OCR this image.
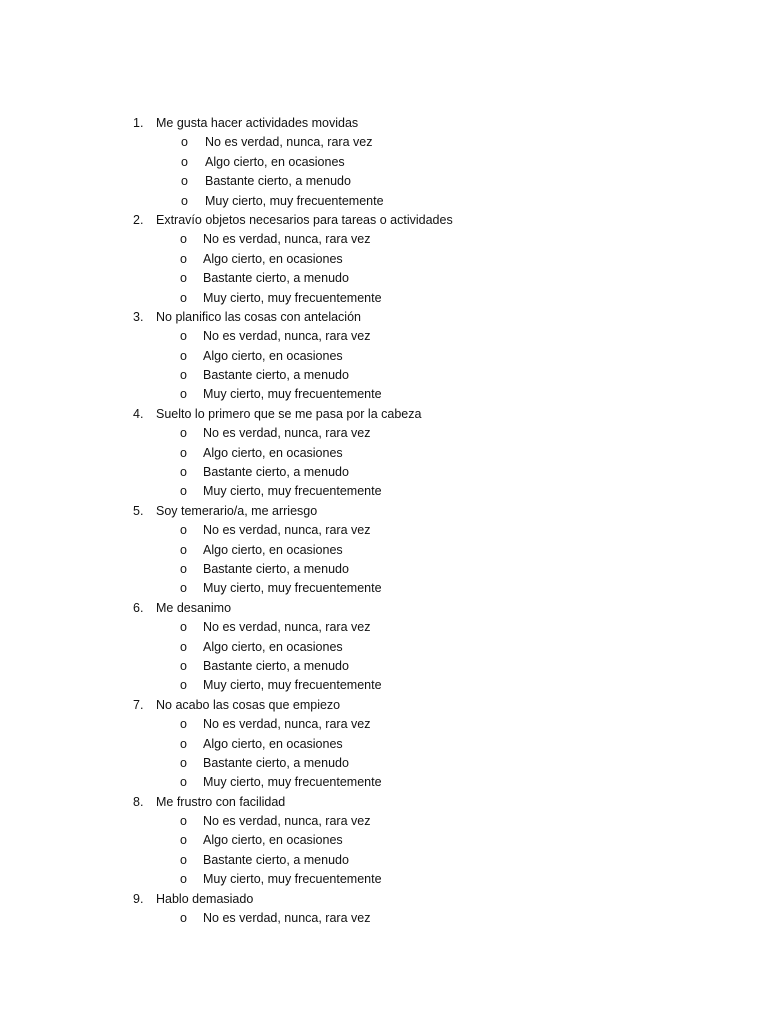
1. Me gusta hacer actividades movidas
o No es verdad, nunca, rara vez
o Algo cierto, en ocasiones
o Bastante cierto, a menudo
o Muy cierto, muy frecuentemente
2. Extravío objetos necesarios para tareas o actividades
o No es verdad, nunca, rara vez
o Algo cierto, en ocasiones
o Bastante cierto, a menudo
o Muy cierto, muy frecuentemente
3. No planifico las cosas con antelación
o No es verdad, nunca, rara vez
o Algo cierto, en ocasiones
o Bastante cierto, a menudo
o Muy cierto, muy frecuentemente
4. Suelto lo primero que se me pasa por la cabeza
o No es verdad, nunca, rara vez
o Algo cierto, en ocasiones
o Bastante cierto, a menudo
o Muy cierto, muy frecuentemente
5. Soy temerario/a, me arriesgo
o No es verdad, nunca, rara vez
o Algo cierto, en ocasiones
o Bastante cierto, a menudo
o Muy cierto, muy frecuentemente
6. Me desanimo
o No es verdad, nunca, rara vez
o Algo cierto, en ocasiones
o Bastante cierto, a menudo
o Muy cierto, muy frecuentemente
7. No acabo las cosas que empiezo
o No es verdad, nunca, rara vez
o Algo cierto, en ocasiones
o Bastante cierto, a menudo
o Muy cierto, muy frecuentemente
8. Me frustro con facilidad
o No es verdad, nunca, rara vez
o Algo cierto, en ocasiones
o Bastante cierto, a menudo
o Muy cierto, muy frecuentemente
9. Hablo demasiado
o No es verdad, nunca, rara vez
